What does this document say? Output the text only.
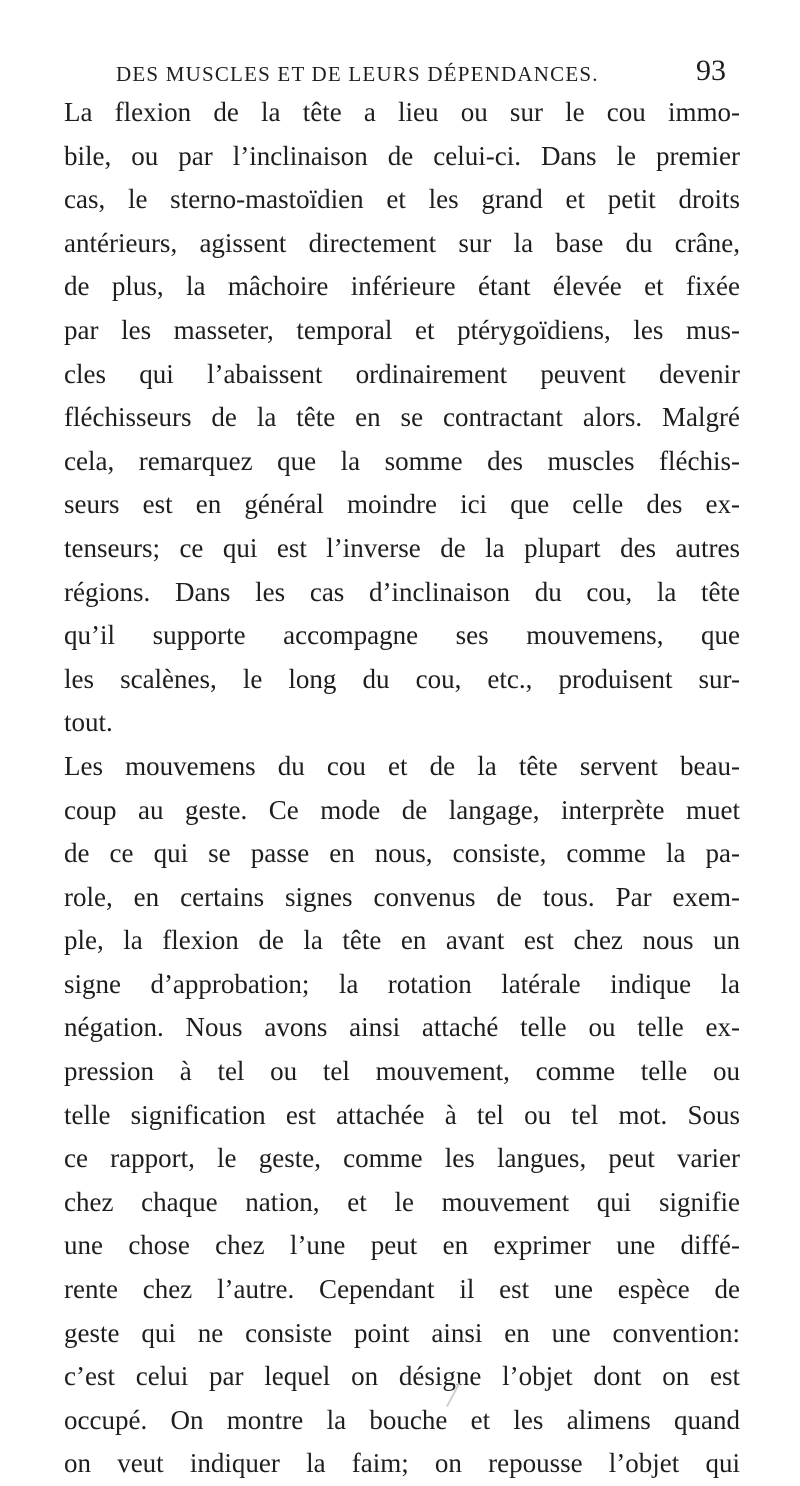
DES MUSCLES ET DE LEURS DÉPENDANCES.	93
La flexion de la tête a lieu ou sur le cou immo-
bile, ou par l’inclinaison de celui-ci. Dans le premier
cas, le sterno-mastoïdien et les grand et petit droits
antérieurs, agissent directement sur la base du crâne,
de plus, la mâchoire inférieure étant élevée et fixée
par les masseter, temporal et ptérygoïdiens, les mus-
cles qui l’abaissent ordinairement peuvent devenir
fléchisseurs de la tête en se contractant alors. Malgré
cela, remarquez que la somme des muscles fléchis-
seurs est en général moindre ici que celle des ex-
tenseurs; ce qui est l’inverse de la plupart des autres
régions. Dans les cas d’inclinaison du cou, la tête
qu’il supporte accompagne ses mouvemens, que
les scalènes, le long du cou, etc., produisent sur-
tout.
Les mouvemens du cou et de la tête servent beau-
coup au geste. Ce mode de langage, interprète muet
de ce qui se passe en nous, consiste, comme la pa-
role, en certains signes convenus de tous. Par exem-
ple, la flexion de la tête en avant est chez nous un
signe d’approbation; la rotation latérale indique la
négation. Nous avons ainsi attaché telle ou telle ex-
pression à tel ou tel mouvement, comme telle ou
telle signification est attachée à tel ou tel mot. Sous
ce rapport, le geste, comme les langues, peut varier
chez chaque nation, et le mouvement qui signifie
une chose chez l’une peut en exprimer une diffé-
rente chez l’autre. Cependant il est une espèce de
geste qui ne consiste point ainsi en une convention:
c’est celui par lequel on désigne l’objet dont on est
occupé. On montre la bouche et les alimens quand
on veut indiquer la faim; on repousse l’objet qui
